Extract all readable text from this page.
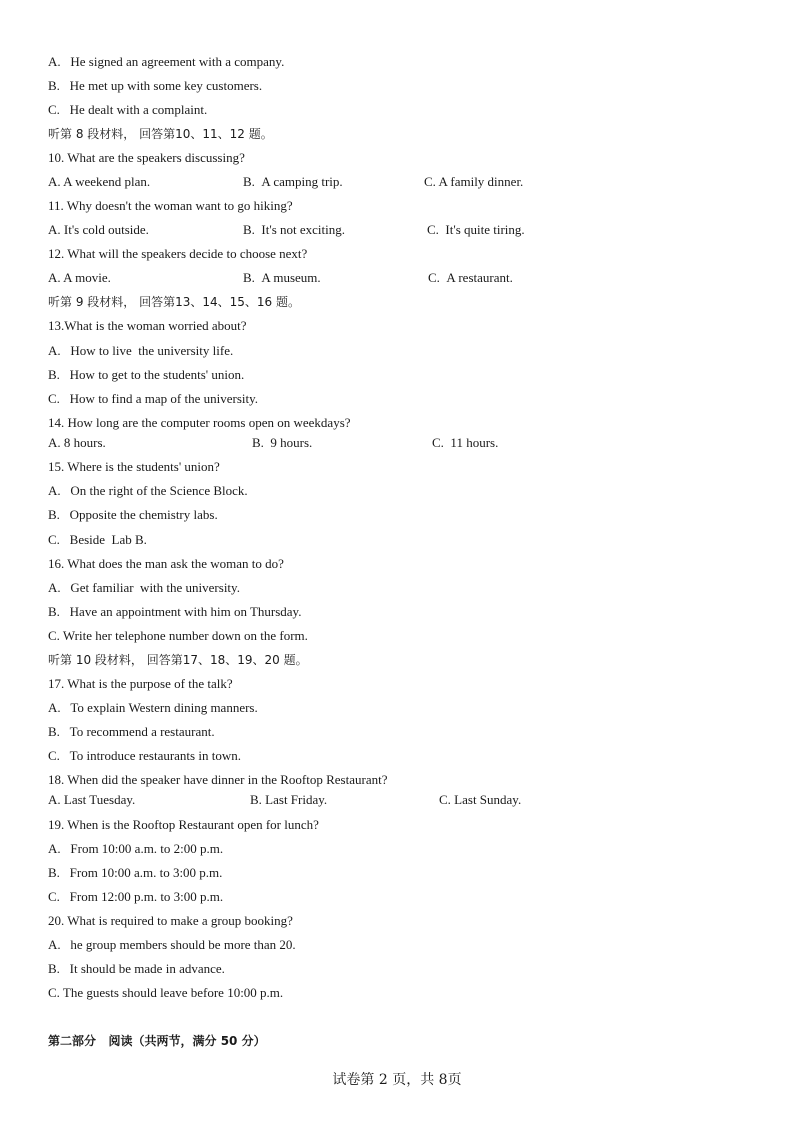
A.   He signed an agreement with a company.
B.   He met up with some key customers.
C.   He dealt with a complaint.
听第 8 段材料， 回答第10、11、12 题。
10. What are the speakers discussing?
A. A weekend plan.	B.  A camping trip.	C. A family dinner.
11. Why doesn't the woman want to go hiking?
A. It's cold outside.	B.  It's not exciting.	C.  It's quite tiring.
12. What will the speakers decide to choose next?
A. A movie.	B.  A museum.	C.  A restaurant.
听第 9 段材料， 回答第13、14、15、16 题。
13.What is the woman worried about?
A.   How to live  the university life.
B.   How to get to the students' union.
C.   How to find a map of the university.
14. How long are the computer rooms open on weekdays?
A. 8 hours.	B.  9 hours.	C.  11 hours.
15. Where is the students' union?
A.   On the right of the Science Block.
B.   Opposite the chemistry labs.
C.   Beside  Lab B.
16. What does the man ask the woman to do?
A.   Get familiar  with the university.
B.   Have an appointment with him on Thursday.
C. Write her telephone number down on the form.
听第 10 段材料， 回答第17、18、19、20 题。
17. What is the purpose of the talk?
A.   To explain Western dining manners.
B.   To recommend a restaurant.
C.   To introduce restaurants in town.
18. When did the speaker have dinner in the Rooftop Restaurant?
A. Last Tuesday.	B. Last Friday.	C. Last Sunday.
19. When is the Rooftop Restaurant open for lunch?
A.   From 10:00 a.m. to 2:00 p.m.
B.   From 10:00 a.m. to 3:00 p.m.
C.   From 12:00 p.m. to 3:00 p.m.
20. What is required to make a group booking?
A.   he group members should be more than 20.
B.   It should be made in advance.
C. The guests should leave before 10:00 p.m.
第二部分   阅读（共两节，满分 50 分）
试卷第 2 页，共 8页
